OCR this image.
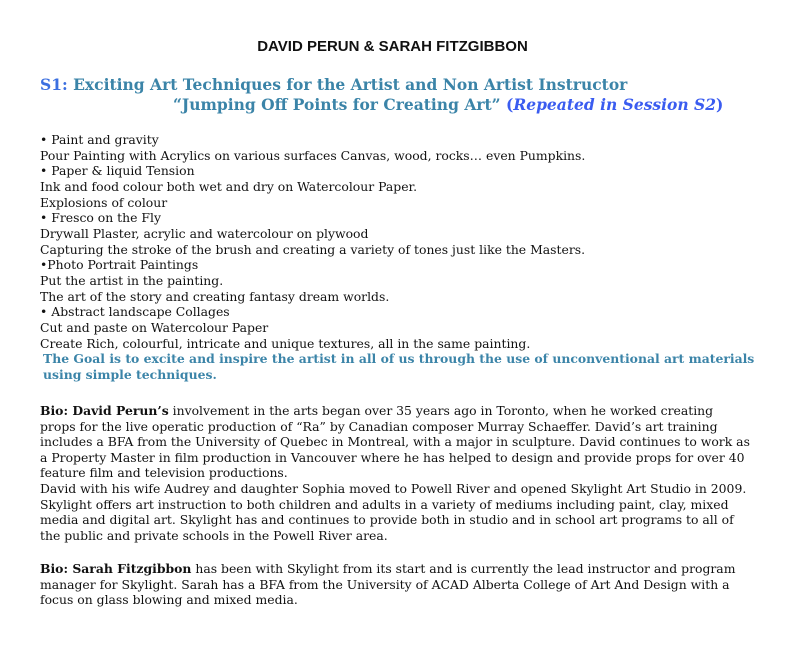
DAVID PERUN & SARAH FITZGIBBON
S1: Exciting Art Techniques for the Artist and Non Artist Instructor
“Jumping Off Points for Creating Art” (Repeated in Session S2)
• Paint and gravity
Pour Painting with Acrylics on various surfaces Canvas, wood, rocks… even Pumpkins.
• Paper & liquid Tension
Ink and food colour both wet and dry on Watercolour Paper.
Explosions of colour
• Fresco on the Fly
Drywall Plaster, acrylic and watercolour on plywood
Capturing the stroke of the brush and creating a variety of tones just like the Masters.
•Photo Portrait Paintings
Put the artist in the painting.
The art of the story and creating fantasy dream worlds.
• Abstract landscape Collages
Cut and paste on Watercolour Paper
Create Rich, colourful, intricate and unique textures, all in the same painting.
The Goal is to excite and inspire the artist in all of us through the use of unconventional art materials using simple techniques.
Bio: David Perun’s involvement in the arts began over 35 years ago in Toronto, when he worked creating props for the live operatic production of “Ra” by Canadian composer Murray Schaeffer. David’s art training includes a BFA from the University of Quebec in Montreal, with a major in sculpture. David continues to work as a Property Master in film production in Vancouver where he has helped to design and provide props for over 40 feature film and television productions.
David with his wife Audrey and daughter Sophia moved to Powell River and opened Skylight Art Studio in 2009. Skylight offers art instruction to both children and adults in a variety of mediums including paint, clay, mixed media and digital art. Skylight has and continues to provide both in studio and in school art programs to all of the public and private schools in the Powell River area.
Bio: Sarah Fitzgibbon has been with Skylight from its start and is currently the lead instructor and program manager for Skylight. Sarah has a BFA from the University of ACAD Alberta College of Art And Design with a focus on glass blowing and mixed media.
